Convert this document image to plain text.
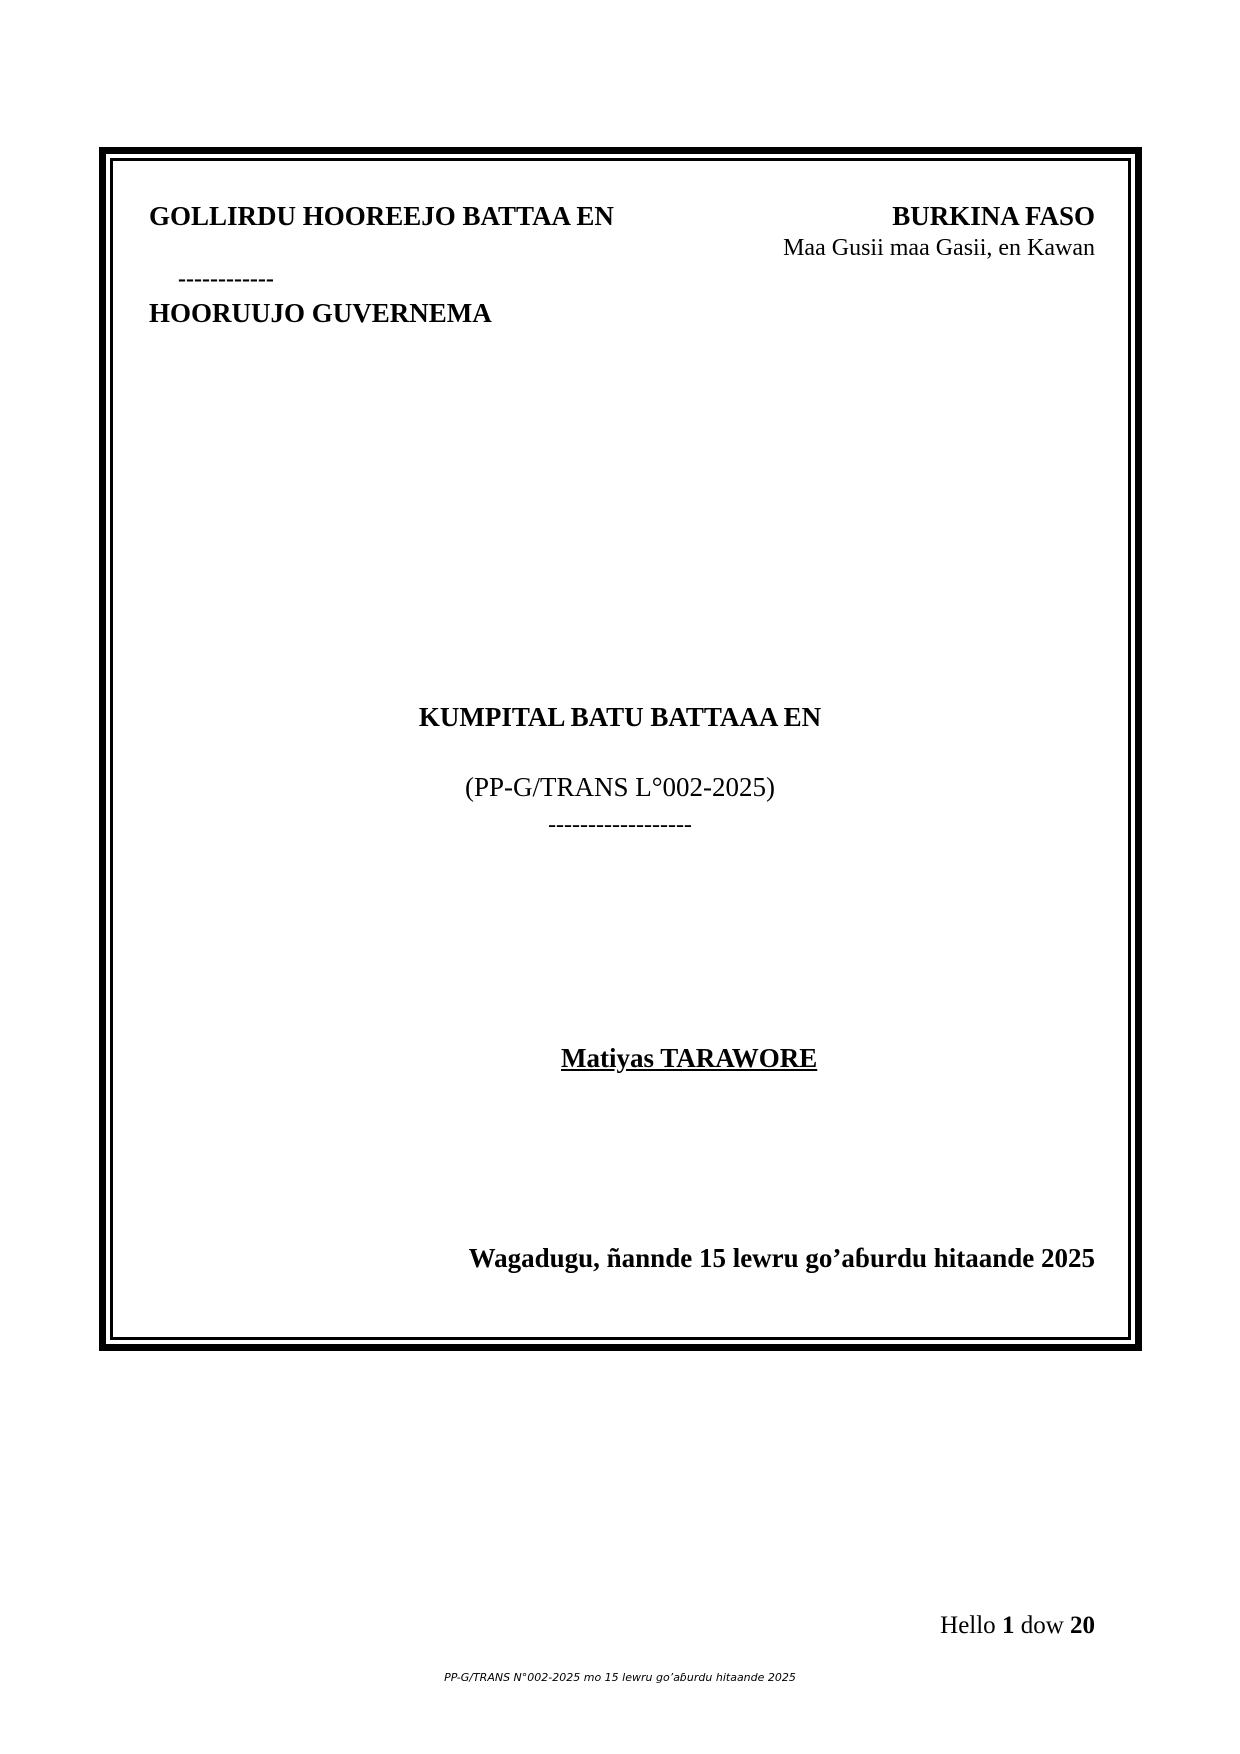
GOLLIRDU HOOREEJO BATTAA EN
------------
HOORUUJO GUVERNEMA
BURKINA FASO
Maa Gusii maa Gasii, en Kawan
KUMPITAL BATU BATTAAA EN
(PP-G/TRANS L°002-2025)
------------------
Matiyas TARAWORE
Wagadugu, ñannde 15 lewru go’aɓurdu hitaande 2025
Hello 1 dow 20
PP-G/TRANS N°002-2025 mo 15 lewru go’aɓurdu hitaande 2025
